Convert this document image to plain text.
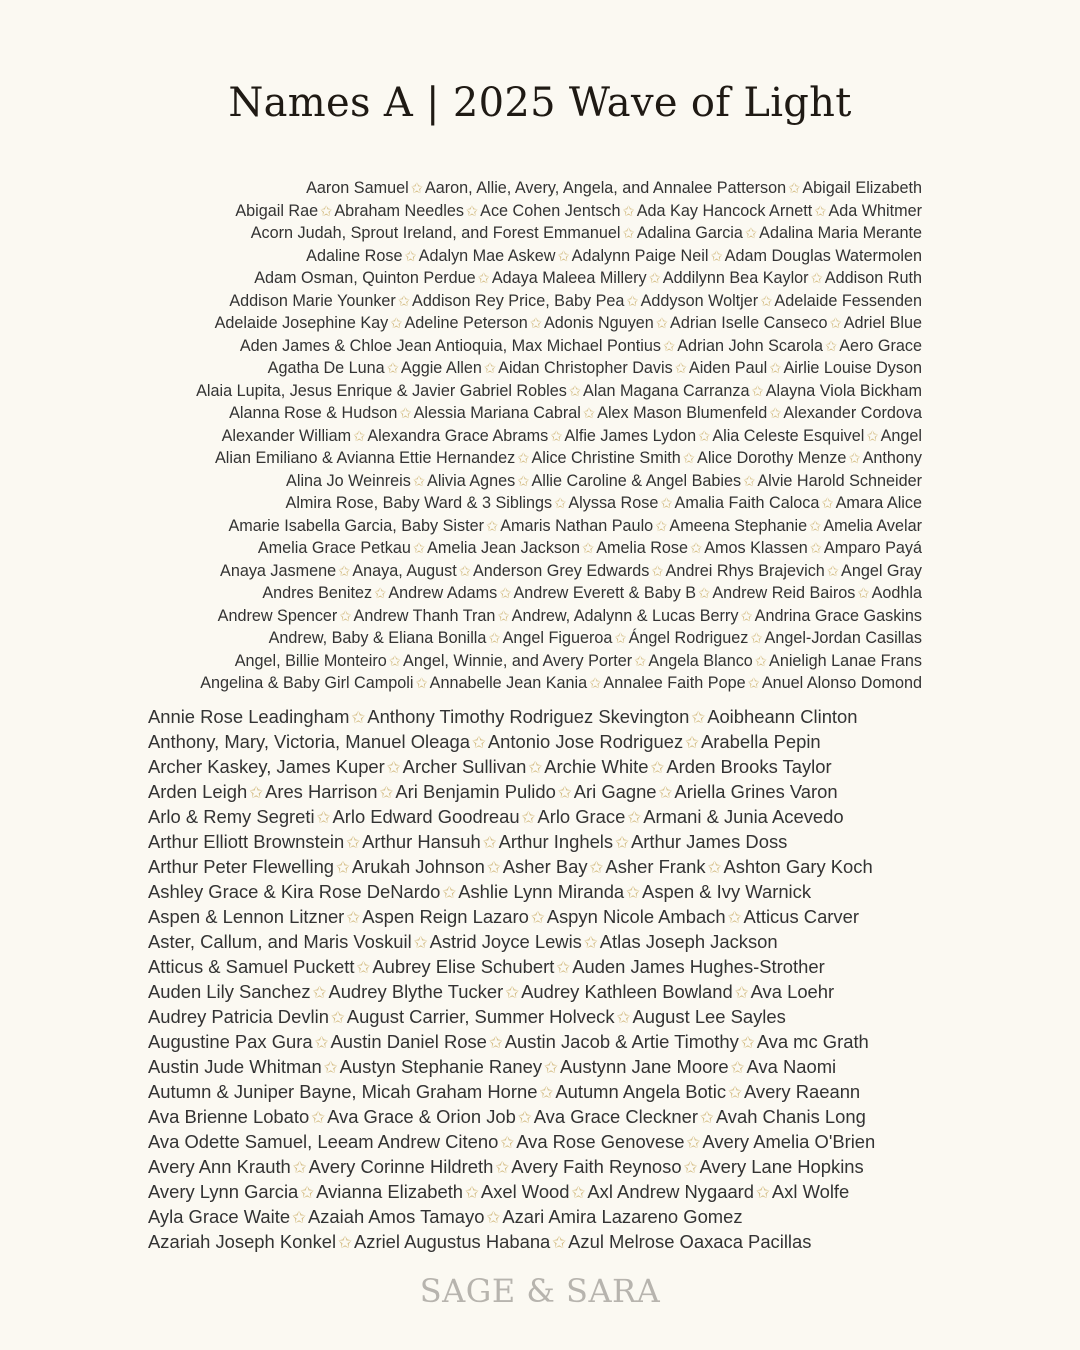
Names A | 2025 Wave of Light
Aaron Samuel ✩ Aaron, Allie, Avery, Angela, and Annalee Patterson ✩ Abigail Elizabeth
Abigail Rae ✩ Abraham Needles ✩ Ace Cohen Jentsch ✩ Ada Kay Hancock Arnett ✩ Ada Whitmer
Acorn Judah, Sprout Ireland, and Forest Emmanuel ✩ Adalina Garcia ✩ Adalina Maria Merante
Adaline Rose ✩ Adalyn Mae Askew ✩ Adalynn Paige Neil ✩ Adam Douglas Watermolen
Adam Osman, Quinton Perdue ✩ Adaya Maleea Millery ✩ Addilynn Bea Kaylor ✩ Addison Ruth
Addison Marie Younker ✩ Addison Rey Price, Baby Pea ✩ Addyson Woltjer ✩ Adelaide Fessenden
Adelaide Josephine Kay ✩ Adeline Peterson ✩ Adonis Nguyen ✩ Adrian Iselle Canseco ✩ Adriel Blue
Aden James & Chloe Jean Antioquia, Max Michael Pontius ✩ Adrian John Scarola ✩ Aero Grace
Agatha De Luna ✩ Aggie Allen ✩ Aidan Christopher Davis ✩ Aiden Paul ✩ Airlie Louise Dyson
Alaia Lupita, Jesus Enrique & Javier Gabriel Robles ✩ Alan Magana Carranza ✩ Alayna Viola Bickham
Alanna Rose & Hudson ✩ Alessia Mariana Cabral ✩ Alex Mason Blumenfeld ✩ Alexander Cordova
Alexander William ✩ Alexandra Grace Abrams ✩ Alfie James Lydon ✩ Alia Celeste Esquivel ✩ Angel
Alian Emiliano & Avianna Ettie Hernandez ✩ Alice Christine Smith ✩ Alice Dorothy Menze ✩ Anthony
Alina Jo Weinreis ✩ Alivia Agnes ✩ Allie Caroline & Angel Babies ✩ Alvie Harold Schneider
Almira Rose, Baby Ward & 3 Siblings ✩ Alyssa Rose ✩ Amalia Faith Caloca ✩ Amara Alice
Amarie Isabella Garcia, Baby Sister ✩ Amaris Nathan Paulo ✩ Ameena Stephanie ✩ Amelia Avelar
Amelia Grace Petkau ✩ Amelia Jean Jackson ✩ Amelia Rose ✩ Amos Klassen ✩ Amparo Payá
Anaya Jasmene ✩ Anaya, August ✩ Anderson Grey Edwards ✩ Andrei Rhys Brajevich ✩ Angel Gray
Andres Benitez ✩ Andrew Adams ✩ Andrew Everett & Baby B ✩ Andrew Reid Bairos ✩ Aodhla
Andrew Spencer ✩ Andrew Thanh Tran ✩ Andrew, Adalynn & Lucas Berry ✩ Andrina Grace Gaskins
Andrew, Baby & Eliana Bonilla ✩ Angel Figueroa ✩ Ángel Rodriguez ✩ Angel-Jordan Casillas
Angel, Billie Monteiro ✩ Angel, Winnie, and Avery Porter ✩ Angela Blanco ✩ Anieligh Lanae Frans
Angelina & Baby Girl Campoli ✩ Annabelle Jean Kania ✩ Annalee Faith Pope ✩ Anuel Alonso Domond
Annie Rose Leadingham ✩ Anthony Timothy Rodriguez Skevington ✩ Aoibheann Clinton
Anthony, Mary, Victoria, Manuel Oleaga ✩ Antonio Jose Rodriguez ✩ Arabella Pepin
Archer Kaskey, James Kuper ✩ Archer Sullivan ✩ Archie White ✩ Arden Brooks Taylor
Arden Leigh ✩ Ares Harrison ✩ Ari Benjamin Pulido ✩ Ari Gagne ✩ Ariella Grines Varon
Arlo & Remy Segreti ✩ Arlo Edward Goodreau ✩ Arlo Grace ✩ Armani & Junia Acevedo
Arthur Elliott Brownstein ✩ Arthur Hansuh ✩ Arthur Inghels ✩ Arthur James Doss
Arthur Peter Flewelling ✩ Arukah Johnson ✩ Asher Bay ✩ Asher Frank ✩ Ashton Gary Koch
Ashley Grace & Kira Rose DeNardo ✩ Ashlie Lynn Miranda ✩ Aspen & Ivy Warnick
Aspen & Lennon Litzner ✩ Aspen Reign Lazaro ✩ Aspyn Nicole Ambach ✩ Atticus Carver
Aster, Callum, and Maris Voskuil ✩ Astrid Joyce Lewis ✩ Atlas Joseph Jackson
Atticus & Samuel Puckett ✩ Aubrey Elise Schubert ✩ Auden James Hughes-Strother
Auden Lily Sanchez ✩ Audrey Blythe Tucker ✩ Audrey Kathleen Bowland ✩ Ava Loehr
Audrey Patricia Devlin ✩ August Carrier, Summer Holveck ✩ August Lee Sayles
Augustine Pax Gura ✩ Austin Daniel Rose ✩ Austin Jacob & Artie Timothy ✩ Ava mc Grath
Austin Jude Whitman ✩ Austyn Stephanie Raney ✩ Austynn Jane Moore ✩ Ava Naomi
Autumn & Juniper Bayne, Micah Graham Horne ✩ Autumn Angela Botic ✩ Avery Raeann
Ava Brienne Lobato ✩ Ava Grace & Orion Job ✩ Ava Grace Cleckner ✩ Avah Chanis Long
Ava Odette Samuel, Leeam Andrew Citeno ✩ Ava Rose Genovese ✩ Avery Amelia O'Brien
Avery Ann Krauth ✩ Avery Corinne Hildreth ✩ Avery Faith Reynoso ✩ Avery Lane Hopkins
Avery Lynn Garcia ✩ Avianna Elizabeth ✩ Axel Wood ✩ Axl Andrew Nygaard ✩ Axl Wolfe
Ayla Grace Waite ✩ Azaiah Amos Tamayo ✩ Azari Amira Lazareno Gomez
Azariah Joseph Konkel ✩ Azriel Augustus Habana ✩ Azul Melrose Oaxaca Pacillas
SAGE & SARA
